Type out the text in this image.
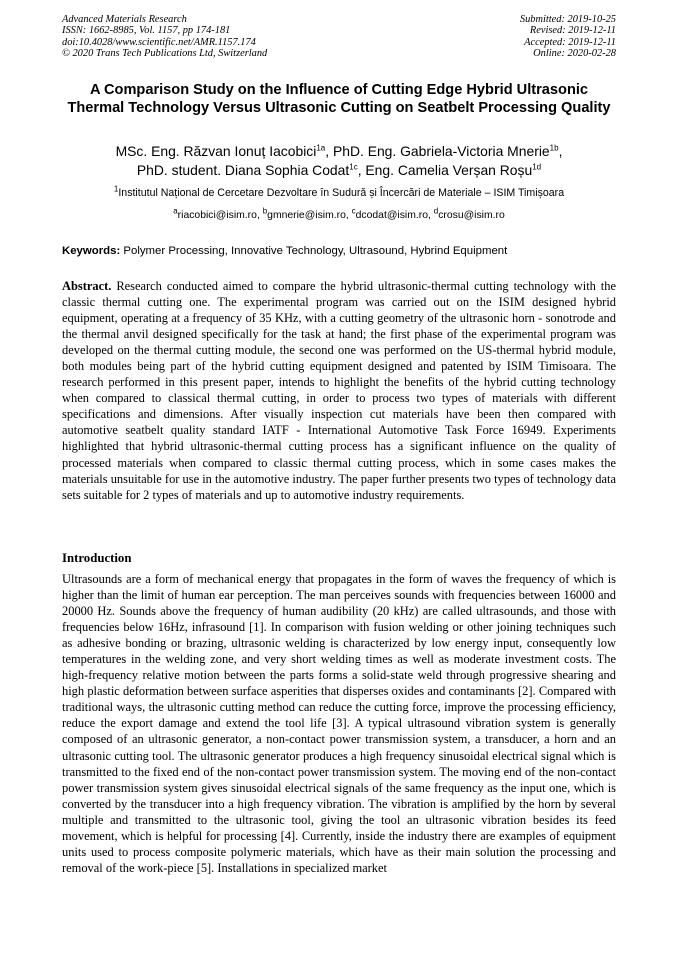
Advanced Materials Research
ISSN: 1662-8985, Vol. 1157, pp 174-181
doi:10.4028/www.scientific.net/AMR.1157.174
© 2020 Trans Tech Publications Ltd, Switzerland
Submitted: 2019-10-25
Revised: 2019-12-11
Accepted: 2019-12-11
Online: 2020-02-28
A Comparison Study on the Influence of Cutting Edge Hybrid Ultrasonic Thermal Technology Versus Ultrasonic Cutting on Seatbelt Processing Quality
MSc. Eng. Răzvan Ionuț Iacobici$^{1a}$, PhD. Eng. Gabriela-Victoria Mnerie$^{1b}$,
PhD. student. Diana Sophia Codat$^{1c}$, Eng. Camelia Verșan Roșu$^{1d}$
$^1$Institutul Național de Cercetare Dezvoltare în Sudură și Încercări de Materiale – ISIM Timișoara
$^a$riacobici@isim.ro, $^b$gmnerie@isim.ro, $^c$dcodat@isim.ro, $^d$crosu@isim.ro
Keywords: Polymer Processing, Innovative Technology, Ultrasound, Hybrind Equipment
Abstract. Research conducted aimed to compare the hybrid ultrasonic-thermal cutting technology with the classic thermal cutting one. The experimental program was carried out on the ISIM designed hybrid equipment, operating at a frequency of 35 KHz, with a cutting geometry of the ultrasonic horn - sonotrode and the thermal anvil designed specifically for the task at hand; the first phase of the experimental program was developed on the thermal cutting module, the second one was performed on the US-thermal hybrid module, both modules being part of the hybrid cutting equipment designed and patented by ISIM Timisoara. The research performed in this present paper, intends to highlight the benefits of the hybrid cutting technology when compared to classical thermal cutting, in order to process two types of materials with different specifications and dimensions. After visually inspection cut materials have been then compared with automotive seatbelt quality standard IATF - International Automotive Task Force 16949. Experiments highlighted that hybrid ultrasonic-thermal cutting process has a significant influence on the quality of processed materials when compared to classic thermal cutting process, which in some cases makes the materials unsuitable for use in the automotive industry. The paper further presents two types of technology data sets suitable for 2 types of materials and up to automotive industry requirements.
Introduction
Ultrasounds are a form of mechanical energy that propagates in the form of waves the frequency of which is higher than the limit of human ear perception. The man perceives sounds with frequencies between 16000 and 20000 Hz. Sounds above the frequency of human audibility (20 kHz) are called ultrasounds, and those with frequencies below 16Hz, infrasound [1]. In comparison with fusion welding or other joining techniques such as adhesive bonding or brazing, ultrasonic welding is characterized by low energy input, consequently low temperatures in the welding zone, and very short welding times as well as moderate investment costs. The high-frequency relative motion between the parts forms a solid-state weld through progressive shearing and high plastic deformation between surface asperities that disperses oxides and contaminants [2]. Compared with traditional ways, the ultrasonic cutting method can reduce the cutting force, improve the processing efficiency, reduce the export damage and extend the tool life [3]. A typical ultrasound vibration system is generally composed of an ultrasonic generator, a non-contact power transmission system, a transducer, a horn and an ultrasonic cutting tool. The ultrasonic generator produces a high frequency sinusoidal electrical signal which is transmitted to the fixed end of the non-contact power transmission system. The moving end of the non-contact power transmission system gives sinusoidal electrical signals of the same frequency as the input one, which is converted by the transducer into a high frequency vibration. The vibration is amplified by the horn by several multiple and transmitted to the ultrasonic tool, giving the tool an ultrasonic vibration besides its feed movement, which is helpful for processing [4]. Currently, inside the industry there are examples of equipment units used to process composite polymeric materials, which have as their main solution the processing and removal of the work-piece [5]. Installations in specialized market
